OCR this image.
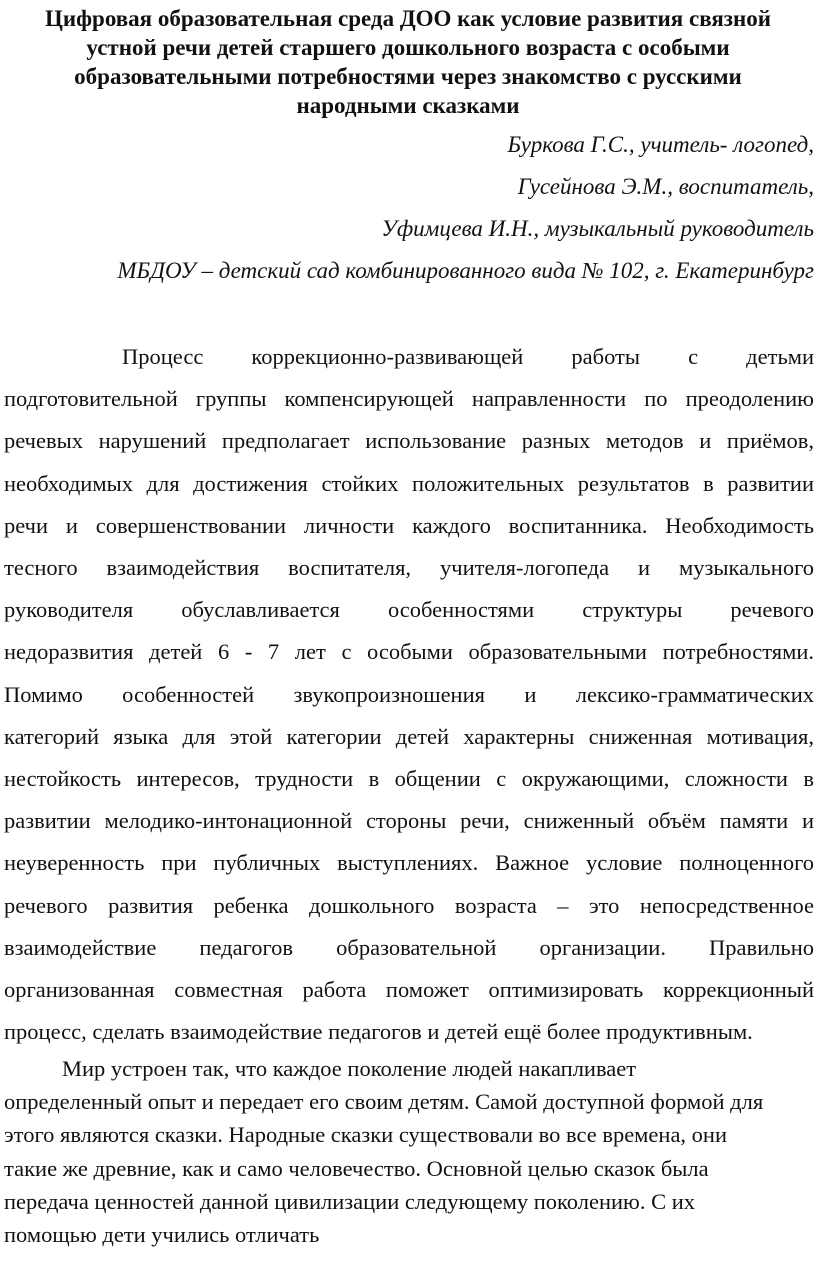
Цифровая образовательная среда ДОО как условие развития связной
устной речи детей старшего дошкольного возраста с особыми
образовательными потребностями через знакомство с русскими
народными сказками
Буркова Г.С., учитель- логопед,
Гусейнова Э.М., воспитатель,
Уфимцева И.Н., музыкальный руководитель
МБДОУ – детский сад комбинированного вида № 102, г. Екатеринбург
Процесс коррекционно-развивающей работы с детьми
подготовительной группы компенсирующей направленности по преодолению
речевых нарушений предполагает использование разных методов и приёмов,
необходимых для достижения стойких положительных результатов в развитии
речи и совершенствовании личности каждого воспитанника. Необходимость
тесного взаимодействия воспитателя, учителя-логопеда и музыкального
руководителя обуславливается особенностями структуры речевого
недоразвития детей 6 - 7 лет с особыми образовательными потребностями.
Помимо особенностей звукопроизношения и лексико-грамматических
категорий языка для этой категории детей характерны сниженная мотивация,
нестойкость интересов, трудности в общении с окружающими, сложности в
развитии мелодико-интонационной стороны речи, сниженный объём памяти и
неуверенность при публичных выступлениях. Важное условие полноценного
речевого развития ребенка дошкольного возраста – это непосредственное
взаимодействие педагогов образовательной организации. Правильно
организованная совместная работа поможет оптимизировать коррекционный
процесс, сделать взаимодействие педагогов и детей ещё более продуктивным.
Мир устроен так, что каждое поколение людей накапливает
определенный опыт и передает его своим детям. Самой доступной формой для
этого являются сказки. Народные сказки существовали во все времена, они
такие же древние, как и само человечество. Основной целью сказок была
передача ценностей данной цивилизации следующему поколению. С их
помощью дети учились отличать
